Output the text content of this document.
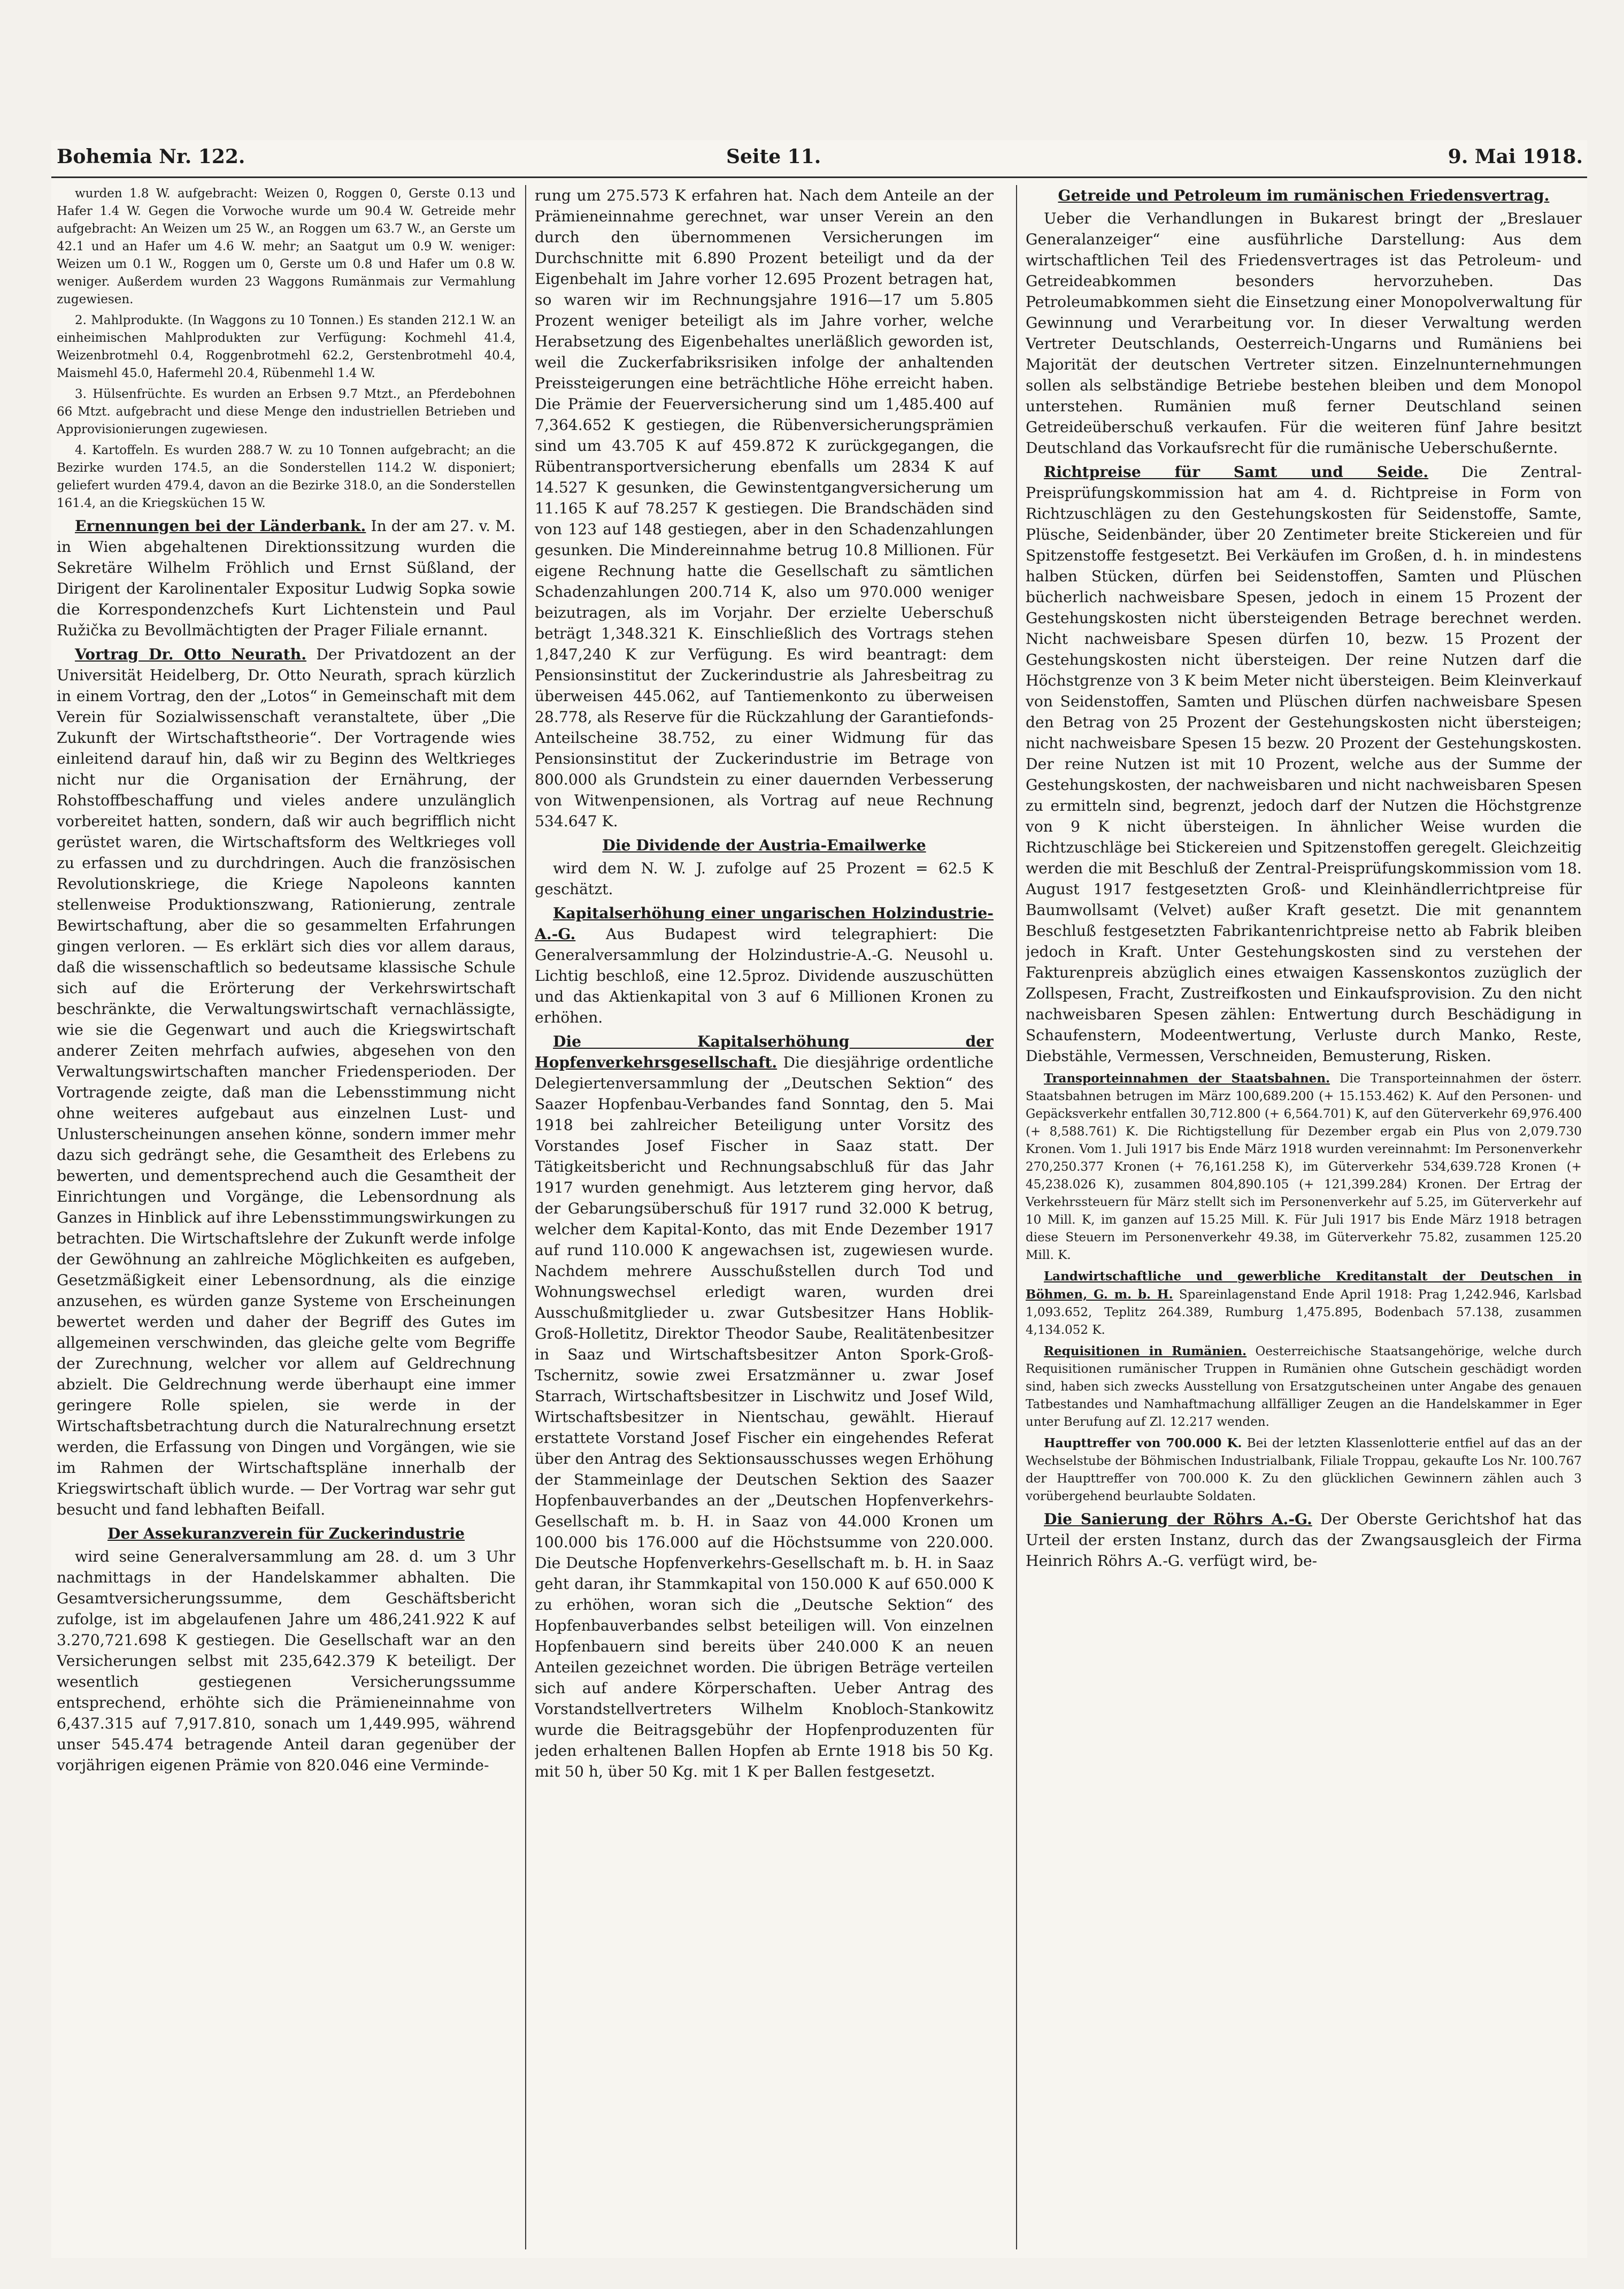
Bohemia Nr. 122.	Seite 11.	9. Mai 1918.

wurden 1.8 W. aufgebracht: Weizen 0, Roggen 0, Gerste 0.13 und Hafer 1.4 W. Gegen die Vorwoche wurde um 90.4 W. Getreide mehr aufgebracht: An Weizen um 25 W., an Roggen um 63.7 W., an Gerste um 42.1 und an Hafer um 4.6 W. mehr; an Saatgut um 0.9 W. weniger: Weizen um 0.1 W., Roggen um 0, Gerste um 0.8 und Hafer um 0.8 W. weniger. Außerdem wurden 23 Waggons Rumänmais zur Vermahlung zugewiesen.

2. Mahlprodukte. (In Waggons zu 10 Tonnen.) Es standen 212.1 W. an einheimischen Mahlprodukten zur Verfügung: Kochmehl 41.4, Weizenbrotmehl 0.4, Roggenbrotmehl 62.2, Gerstenbrotmehl 40.4, Maismehl 45.0, Hafermehl 20.4, Rübenmehl 1.4 W.

3. Hülsenfrüchte. Es wurden an Erbsen 9.7 Mtzt., an Pferdebohnen 66 Mtzt. aufgebracht und diese Menge den industriellen Betrieben und Approvisionierungen zugewiesen.

4. Kartoffeln. Es wurden 288.7 W. zu 10 Tonnen aufgebracht; an die Bezirke wurden 174.5, an die Sonderstellen 114.2 W. disponiert; geliefert wurden 479.4, davon an die Bezirke 318.0, an die Sonderstellen 161.4, an die Kriegsküchen 15 W.

Ernennungen bei der Länderbank. In der am 27. v. M. in Wien abgehaltenen Direktionssitzung wurden die Sekretäre Wilhelm Fröhlich und Ernst Süßland, der Dirigent der Karolinentaler Expositur Ludwig Sopka sowie die Korrespondenzchefs Kurt Lichtenstein und Paul Ružička zu Bevollmächtigten der Prager Filiale ernannt.

Vortrag Dr. Otto Neurath. Der Privatdozent an der Universität Heidelberg, Dr. Otto Neurath, sprach kürzlich in einem Vortrag, den der „Lotos“ in Gemeinschaft mit dem Verein für Sozialwissenschaft veranstaltete, über „Die Zukunft der Wirtschaftstheorie“. Der Vortragende wies einleitend darauf hin, daß wir zu Beginn des Weltkrieges nicht nur die Organisation der Ernährung, der Rohstoffbeschaffung und vieles andere unzulänglich vorbereitet hatten, sondern, daß wir auch begrifflich nicht gerüstet waren, die Wirtschaftsform des Weltkrieges voll zu erfassen und zu durchdringen. Auch die französischen Revolutionskriege, die Kriege Napoleons kannten stellenweise Produktionszwang, Rationierung, zentrale Bewirtschaftung, aber die so gesammelten Erfahrungen gingen verloren. — Es erklärt sich dies vor allem daraus, daß die wissenschaftlich so bedeutsame klassische Schule sich auf die Erörterung der Verkehrswirtschaft beschränkte, die Verwaltungswirtschaft vernachlässigte, wie sie die Gegenwart und auch die Kriegswirtschaft anderer Zeiten mehrfach aufwies, abgesehen von den Verwaltungswirtschaften mancher Friedensperioden. Der Vortragende zeigte, daß man die Lebensstimmung nicht ohne weiteres aufgebaut aus einzelnen Lust- und Unlusterscheinungen ansehen könne, sondern immer mehr dazu sich gedrängt sehe, die Gesamtheit des Erlebens zu bewerten, und dementsprechend auch die Gesamtheit der Einrichtungen und Vorgänge, die Lebensordnung als Ganzes in Hinblick auf ihre Lebensstimmungswirkungen zu betrachten. Die Wirtschaftslehre der Zukunft werde infolge der Gewöhnung an zahlreiche Möglichkeiten es aufgeben, Gesetzmäßigkeit einer Lebensordnung, als die einzige anzusehen, es würden ganze Systeme von Erscheinungen bewertet werden und daher der Begriff des Gutes im allgemeinen verschwinden, das gleiche gelte vom Begriffe der Zurechnung, welcher vor allem auf Geldrechnung abzielt. Die Geldrechnung werde überhaupt eine immer geringere Rolle spielen, sie werde in der Wirtschaftsbetrachtung durch die Naturalrechnung ersetzt werden, die Erfassung von Dingen und Vorgängen, wie sie im Rahmen der Wirtschaftspläne innerhalb der Kriegswirtschaft üblich wurde. — Der Vortrag war sehr gut besucht und fand lebhaften Beifall.

Der Assekuranzverein für Zuckerindustrie

wird seine Generalversammlung am 28. d. um 3 Uhr nachmittags in der Handelskammer abhalten. Die Gesamtversicherungssumme, dem Geschäftsbericht zufolge, ist im abgelaufenen Jahre um 486,241.922 K auf 3.270,721.698 K gestiegen. Die Gesellschaft war an den Versicherungen selbst mit 235,642.379 K beteiligt. Der wesentlich gestiegenen Versicherungssumme entsprechend, erhöhte sich die Prämieneinnahme von 6,437.315 auf 7,917.810, sonach um 1,449.995, während unser 545.474 betragende Anteil daran gegenüber der vorjährigen eigenen Prämie von 820.046 eine Verminde-

rung um 275.573 K erfahren hat. Nach dem Anteile an der Prämieneinnahme gerechnet, war unser Verein an den durch den übernommenen Versicherungen im Durchschnitte mit 6.890 Prozent beteiligt und da der Eigenbehalt im Jahre vorher 12.695 Prozent betragen hat, so waren wir im Rechnungsjahre 1916—17 um 5.805 Prozent weniger beteiligt als im Jahre vorher, welche Herabsetzung des Eigenbehaltes unerläßlich geworden ist, weil die Zuckerfabriksrisiken infolge der anhaltenden Preissteigerungen eine beträchtliche Höhe erreicht haben. Die Prämie der Feuerversicherung sind um 1,485.400 auf 7,364.652 K gestiegen, die Rübenversicherungsprämien sind um 43.705 K auf 459.872 K zurückgegangen, die Rübentransportversicherung ebenfalls um 2834 K auf 14.527 K gesunken, die Gewinstentgangversicherung um 11.165 K auf 78.257 K gestiegen. Die Brandschäden sind von 123 auf 148 gestiegen, aber in den Schadenzahlungen gesunken. Die Mindereinnahme betrug 10.8 Millionen. Für eigene Rechnung hatte die Gesellschaft zu sämtlichen Schadenzahlungen 200.714 K, also um 970.000 weniger beizutragen, als im Vorjahr. Der erzielte Ueberschuß beträgt 1,348.321 K. Einschließlich des Vortrags stehen 1,847,240 K zur Verfügung. Es wird beantragt: dem Pensionsinstitut der Zuckerindustrie als Jahresbeitrag zu überweisen 445.062, auf Tantiemenkonto zu überweisen 28.778, als Reserve für die Rückzahlung der Garantiefonds-Anteilscheine 38.752, zu einer Widmung für das Pensionsinstitut der Zuckerindustrie im Betrage von 800.000 als Grundstein zu einer dauernden Verbesserung von Witwenpensionen, als Vortrag auf neue Rechnung 534.647 K.

Die Dividende der Austria-Emailwerke

wird dem N. W. J. zufolge auf 25 Prozent = 62.5 K geschätzt.

Kapitalserhöhung einer ungarischen Holzindustrie-A.-G. Aus Budapest wird telegraphiert: Die Generalversammlung der Holzindustrie-A.-G. Neusohl u. Lichtig beschloß, eine 12.5proz. Dividende auszuschütten und das Aktienkapital von 3 auf 6 Millionen Kronen zu erhöhen.

Die Kapitalserhöhung der Hopfenverkehrsgesellschaft. Die diesjährige ordentliche Delegiertenversammlung der „Deutschen Sektion“ des Saazer Hopfenbau-Verbandes fand Sonntag, den 5. Mai 1918 bei zahlreicher Beteiligung unter Vorsitz des Vorstandes Josef Fischer in Saaz statt. Der Tätigkeitsbericht und Rechnungsabschluß für das Jahr 1917 wurden genehmigt. Aus letzterem ging hervor, daß der Gebarungsüberschuß für 1917 rund 32.000 K betrug, welcher dem Kapital-Konto, das mit Ende Dezember 1917 auf rund 110.000 K angewachsen ist, zugewiesen wurde. Nachdem mehrere Ausschußstellen durch Tod und Wohnungswechsel erledigt waren, wurden drei Ausschußmitglieder u. zwar Gutsbesitzer Hans Hoblik-Groß-Holletitz, Direktor Theodor Saube, Realitätenbesitzer in Saaz und Wirtschaftsbesitzer Anton Spork-Groß-Tschernitz, sowie zwei Ersatzmänner u. zwar Josef Starrach, Wirtschaftsbesitzer in Lischwitz und Josef Wild, Wirtschaftsbesitzer in Nientschau, gewählt. Hierauf erstattete Vorstand Josef Fischer ein eingehendes Referat über den Antrag des Sektionsausschusses wegen Erhöhung der Stammeinlage der Deutschen Sektion des Saazer Hopfenbauverbandes an der „Deutschen Hopfenverkehrs-Gesellschaft m. b. H. in Saaz von 44.000 Kronen um 100.000 bis 176.000 auf die Höchstsumme von 220.000. Die Deutsche Hopfenverkehrs-Gesellschaft m. b. H. in Saaz geht daran, ihr Stammkapital von 150.000 K auf 650.000 K zu erhöhen, woran sich die „Deutsche Sektion“ des Hopfenbauverbandes selbst beteiligen will. Von einzelnen Hopfenbauern sind bereits über 240.000 K an neuen Anteilen gezeichnet worden. Die übrigen Beträge verteilen sich auf andere Körperschaften. Ueber Antrag des Vorstandstellvertreters Wilhelm Knobloch-Stankowitz wurde die Beitragsgebühr der Hopfenproduzenten für jeden erhaltenen Ballen Hopfen ab Ernte 1918 bis 50 Kg. mit 50 h, über 50 Kg. mit 1 K per Ballen festgesetzt.

Getreide und Petroleum im rumänischen Friedensvertrag.

Ueber die Verhandlungen in Bukarest bringt der „Breslauer Generalanzeiger“ eine ausführliche Darstellung: Aus dem wirtschaftlichen Teil des Friedensvertrages ist das Petroleum- und Getreideabkommen besonders hervorzuheben. Das Petroleumabkommen sieht die Einsetzung einer Monopolverwaltung für Gewinnung und Verarbeitung vor. In dieser Verwaltung werden Vertreter Deutschlands, Oesterreich-Ungarns und Rumäniens bei Majorität der deutschen Vertreter sitzen. Einzelnunternehmungen sollen als selbständige Betriebe bestehen bleiben und dem Monopol unterstehen. Rumänien muß ferner Deutschland seinen Getreideüberschuß verkaufen. Für die weiteren fünf Jahre besitzt Deutschland das Vorkaufsrecht für die rumänische Ueberschußernte.

Richtpreise für Samt und Seide. Die Zentral-Preisprüfungskommission hat am 4. d. Richtpreise in Form von Richtzuschlägen zu den Gestehungskosten für Seidenstoffe, Samte, Plüsche, Seidenbänder, über 20 Zentimeter breite Stickereien und für Spitzenstoffe festgesetzt. Bei Verkäufen im Großen, d. h. in mindestens halben Stücken, dürfen bei Seidenstoffen, Samten und Plüschen bücherlich nachweisbare Spesen, jedoch in einem 15 Prozent der Gestehungskosten nicht übersteigenden Betrage berechnet werden. Nicht nachweisbare Spesen dürfen 10, bezw. 15 Prozent der Gestehungskosten nicht übersteigen. Der reine Nutzen darf die Höchstgrenze von 3 K beim Meter nicht übersteigen. Beim Kleinverkauf von Seidenstoffen, Samten und Plüschen dürfen nachweisbare Spesen den Betrag von 25 Prozent der Gestehungskosten nicht übersteigen; nicht nachweisbare Spesen 15 bezw. 20 Prozent der Gestehungskosten. Der reine Nutzen ist mit 10 Prozent, welche aus der Summe der Gestehungskosten, der nachweisbaren und nicht nachweisbaren Spesen zu ermitteln sind, begrenzt, jedoch darf der Nutzen die Höchstgrenze von 9 K nicht übersteigen. In ähnlicher Weise wurden die Richtzuschläge bei Stickereien und Spitzenstoffen geregelt. Gleichzeitig werden die mit Beschluß der Zentral-Preisprüfungskommission vom 18. August 1917 festgesetzten Groß- und Kleinhändlerrichtpreise für Baumwollsamt (Velvet) außer Kraft gesetzt. Die mit genanntem Beschluß festgesetzten Fabrikantenrichtpreise netto ab Fabrik bleiben jedoch in Kraft. Unter Gestehungskosten sind zu verstehen der Fakturenpreis abzüglich eines etwaigen Kassenskontos zuzüglich der Zollspesen, Fracht, Zustreifkosten und Einkaufsprovision. Zu den nicht nachweisbaren Spesen zählen: Entwertung durch Beschädigung in Schaufenstern, Modeentwertung, Verluste durch Manko, Reste, Diebstähle, Vermessen, Verschneiden, Bemusterung, Risken.

Transporteinnahmen der Staatsbahnen. Die Transporteinnahmen der österr. Staatsbahnen betrugen im März 100,689.200 (+ 15.153.462) K. Auf den Personen- und Gepäcksverkehr entfallen 30,712.800 (+ 6,564.701) K, auf den Güterverkehr 69,976.400 (+ 8,588.761) K. Die Richtigstellung für Dezember ergab ein Plus von 2,079.730 Kronen. Vom 1. Juli 1917 bis Ende März 1918 wurden vereinnahmt: Im Personenverkehr 270,250.377 Kronen (+ 76,161.258 K), im Güterverkehr 534,639.728 Kronen (+ 45,238.026 K), zusammen 804,890.105 (+ 121,399.284) Kronen. Der Ertrag der Verkehrssteuern für März stellt sich im Personenverkehr auf 5.25, im Güterverkehr auf 10 Mill. K, im ganzen auf 15.25 Mill. K. Für Juli 1917 bis Ende März 1918 betragen diese Steuern im Personenverkehr 49.38, im Güterverkehr 75.82, zusammen 125.20 Mill. K.

Landwirtschaftliche und gewerbliche Kreditanstalt der Deutschen in Böhmen, G. m. b. H. Spareinlagenstand Ende April 1918: Prag 1,242.946, Karlsbad 1,093.652, Teplitz 264.389, Rumburg 1,475.895, Bodenbach 57.138, zusammen 4,134.052 K.

Requisitionen in Rumänien. Oesterreichische Staatsangehörige, welche durch Requisitionen rumänischer Truppen in Rumänien ohne Gutschein geschädigt worden sind, haben sich zwecks Ausstellung von Ersatzgutscheinen unter Angabe des genauen Tatbestandes und Namhaftmachung allfälliger Zeugen an die Handelskammer in Eger unter Berufung auf Zl. 12.217 wenden.

Haupttreffer von 700.000 K. Bei der letzten Klassenlotterie entfiel auf das an der Wechselstube der Böhmischen Industrialbank, Filiale Troppau, gekaufte Los Nr. 100.767 der Haupttreffer von 700.000 K. Zu den glücklichen Gewinnern zählen auch 3 vorübergehend beurlaubte Soldaten.

Die Sanierung der Röhrs A.-G. Der Oberste Gerichtshof hat das Urteil der ersten Instanz, durch das der Zwangsausgleich der Firma Heinrich Röhrs A.-G. verfügt wird, be-
